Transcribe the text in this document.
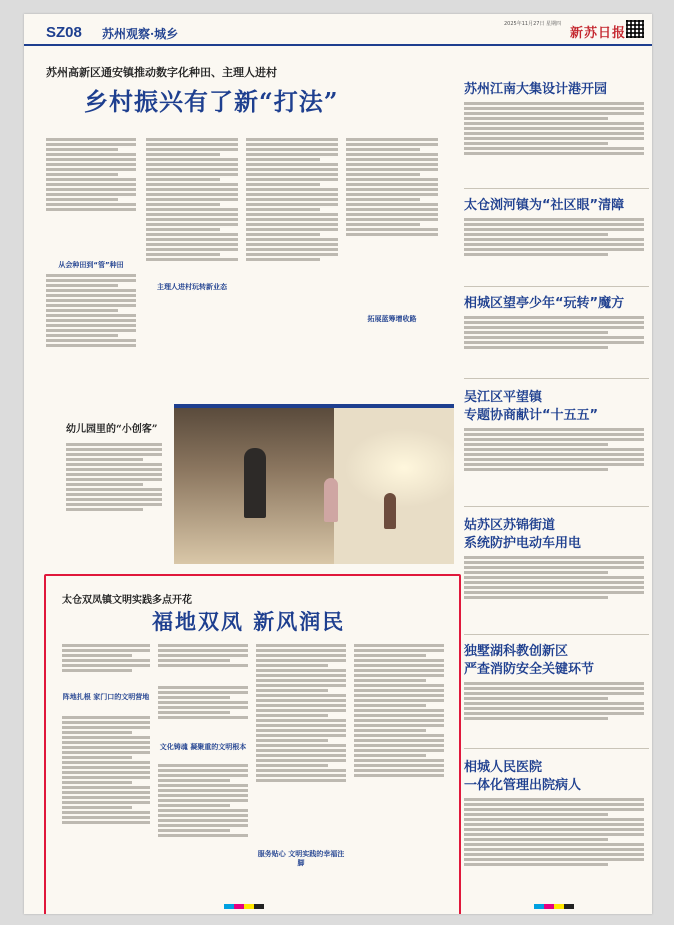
SZ08 苏州观察·城乡
2025年11月27日 星期四
新苏日报
苏州高新区通安镇推动数字化种田、主理人进村
乡村振兴有了新“打法”
从会种田到“管”种田
主理人进村玩转新业态
拓展蓝筹增收路
幼儿园里的“小创客”
太仓双凤镇文明实践多点开花
福地双凤 新风润民
阵地扎根 家门口的文明营地
文化铸魂 凝聚重的文明根本
服务贴心 文明实践的幸福注脚
苏州江南大集设计港开园
太仓浏河镇为“社区眼”清障
相城区望亭少年“玩转”魔方
吴江区平望镇
专题协商献计“十五五”
姑苏区苏锦街道
系统防护电动车用电
独墅湖科教创新区
严查消防安全关键环节
相城人民医院
一体化管理出院病人
